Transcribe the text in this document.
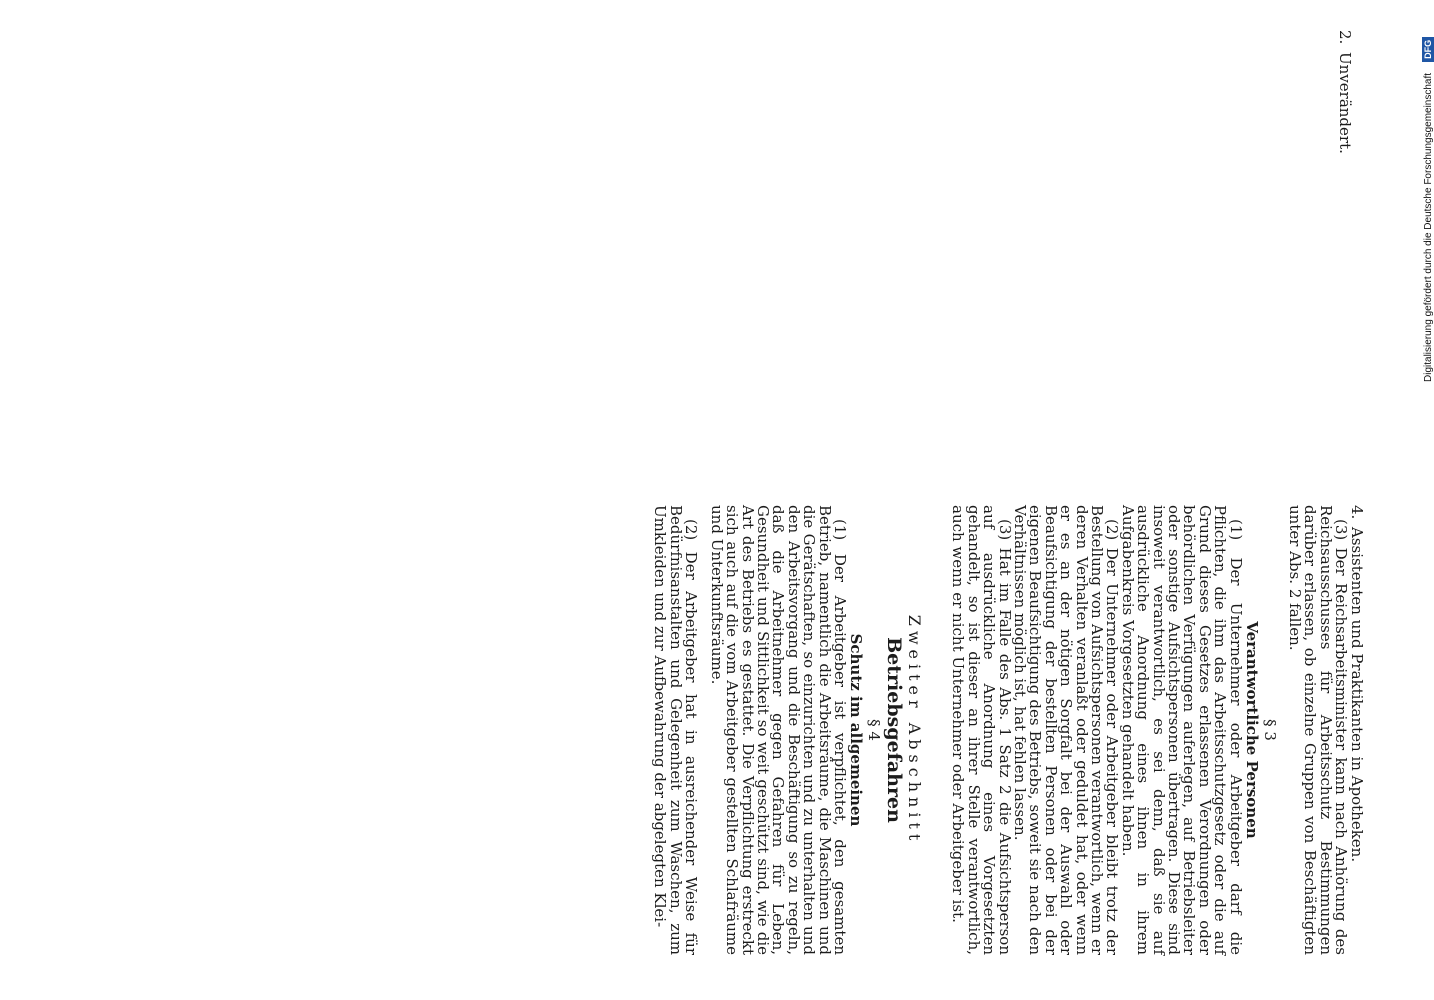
4.
Assistenten und Praktikanten in Apotheken.

(3) Der Reichsarbeitsminister kann nach Anhörung des Reichsausschusses für Arbeitsschutz Bestimmungen darüber erlassen, ob einzelne Gruppen von Beschäftigten unter Abs. 2 fallen.

§ 3
Verantwortliche Personen

(1) Der Unternehmer oder Arbeitgeber darf die Pflichten, die ihm das Arbeitsschutzgesetz oder die auf Grund dieses Gesetzes erlassenen Verordnungen oder behördlichen Verfügungen auferlegen, auf Betriebsleiter oder sonstige Aufsichtspersonen übertragen. Diese sind insoweit verantwortlich, es sei denn, daß sie auf ausdrückliche Anordnung eines ihnen in ihrem Aufgabenkreis Vorgesetzten gehandelt haben.

(2) Der Unternehmer oder Arbeitgeber bleibt trotz der Bestellung von Aufsichtspersonen verantwortlich, wenn er deren Verhalten veranlaßt oder geduldet hat, oder wenn er es an der nötigen Sorgfalt bei der Auswahl oder Beaufsichtigung der bestellten Personen oder bei der eigenen Beaufsichtigung des Betriebs, soweit sie nach den Verhältnissen möglich ist, hat fehlen lassen.

(3) Hat im Falle des Abs. 1 Satz 2 die Aufsichtsperson auf ausdrückliche Anordnung eines Vorgesetzten gehandelt, so ist dieser an ihrer Stelle verantwortlich, auch wenn er nicht Unternehmer oder Arbeitgeber ist.

Zweiter Abschnitt
Betriebsgefahren
§ 4
Schutz im allgemeinen

(1) Der Arbeitgeber ist verpflichtet, den gesamten Betrieb, namentlich die Arbeitsräume, die Maschinen und die Gerätschaften, so einzurichten und zu unterhalten und den Arbeitsvorgang und die Beschäftigung so zu regeln, daß die Arbeitnehmer gegen Gefahren für Leben, Gesundheit und Sittlichkeit so weit geschützt sind, wie die Art des Betriebs es gestattet. Die Verpflichtung erstreckt sich auch auf die vom Arbeitgeber gestellten Schlafräume und Unterkunftsräume.

(2) Der Arbeitgeber hat in ausreichender Weise für Bedürfnisanstalten und Gelegenheit zum Waschen, zum Umkleiden und zur Aufbewahrung der abgelegten Klei-

2.
Unverändert.	Digitalisierung gefördert durch die Deutsche Forschungsgemeinschaft DFG
